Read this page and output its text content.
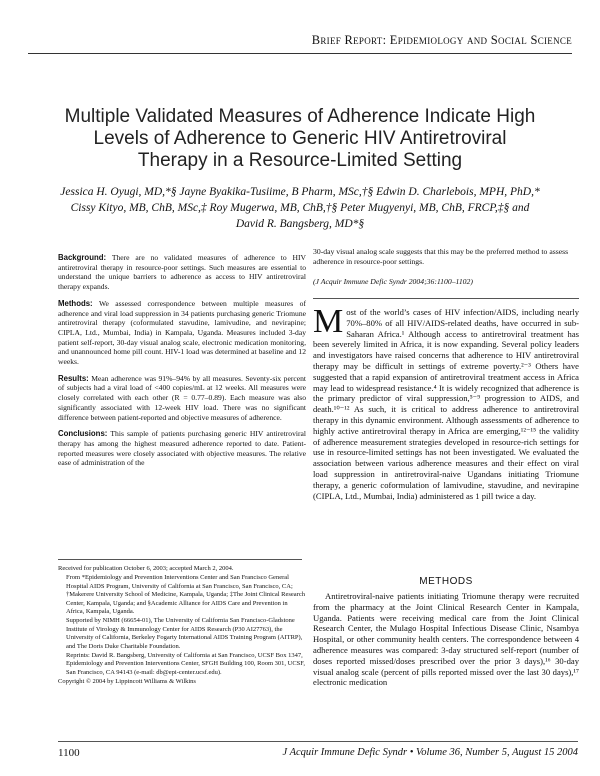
Brief Report: Epidemiology and Social Science
Multiple Validated Measures of Adherence Indicate High Levels of Adherence to Generic HIV Antiretroviral Therapy in a Resource-Limited Setting
Jessica H. Oyugi, MD,*§ Jayne Byakika-Tusiime, B Pharm, MSc,†§ Edwin D. Charlebois, MPH, PhD,*
Cissy Kityo, MB, ChB, MSc,‡ Roy Mugerwa, MB, ChB,†§ Peter Mugyenyi, MB, ChB, FRCP,‡§ and
David R. Bangsberg, MD*§

Background: There are no validated measures of adherence to HIV antiretroviral therapy in resource-poor settings. Such measures are essential to understand the unique barriers to adherence as access to HIV antiretroviral therapy expands.

Methods: We assessed correspondence between multiple measures of adherence and viral load suppression in 34 patients purchasing generic Triomune antiretroviral therapy (coformulated stavudine, lamivudine, and nevirapine; CIPLA, Ltd., Mumbai, India) in Kampala, Uganda. Measures included 3-day patient self-report, 30-day visual analog scale, electronic medication monitoring, and unannounced home pill count. HIV-1 load was determined at baseline and 12 weeks.

Results: Mean adherence was 91%–94% by all measures. Seventy-six percent of subjects had a viral load of <400 copies/mL at 12 weeks. All measures were closely correlated with each other (R = 0.77–0.89). Each measure was also significantly associated with 12-week HIV load. There was no significant difference between patient-reported and objective measures of adherence.

Conclusions: This sample of patients purchasing generic HIV antiretroviral therapy has among the highest measured adherence reported to date. Patient-reported measures were closely associated with objective measures. The relative ease of administration of the

Received for publication October 6, 2003; accepted March 2, 2004.
From *Epidemiology and Prevention Interventions Center and San Francisco General Hospital AIDS Program, University of California at San Francisco, San Francisco, CA; †Makerere University School of Medicine, Kampala, Uganda; ‡The Joint Clinical Research Center, Kampala, Uganda; and §Academic Alliance for AIDS Care and Prevention in Africa, Kampala, Uganda.
Supported by NIMH (66654-01), The University of California San Francisco-Gladstone Institute of Virology & Immunology Center for AIDS Research (P30 AI27763), the University of California, Berkeley Fogarty International AIDS Training Program (AITRP), and The Doris Duke Charitable Foundation.
Reprints: David R. Bangsberg, University of California at San Francisco, UCSF Box 1347, Epidemiology and Prevention Interventions Center, SFGH Building 100, Room 301, UCSF, San Francisco, CA 94143 (e-mail: db@epi-center.ucsf.edu).
Copyright © 2004 by Lippincott Williams & Wilkins
30-day visual analog scale suggests that this may be the preferred method to assess adherence in resource-poor settings.
(J Acquir Immune Defic Syndr 2004;36:1100–1102)
M ost of the world’s cases of HIV infection/AIDS, including nearly 70%–80% of all HIV/AIDS-related deaths, have occurred in sub-Saharan Africa.¹ Although access to antiretroviral treatment has been severely limited in Africa, it is now expanding. Several policy leaders and investigators have raised concerns that adherence to HIV antiretroviral therapy may be difficult in settings of extreme poverty.²⁻³ Others have suggested that a rapid expansion of antiretroviral treatment access in Africa may lead to widespread resistance.⁴ It is widely recognized that adherence is the primary predictor of viral suppression,⁵⁻⁹ progression to AIDS, and death.¹⁰⁻¹² As such, it is critical to address adherence to antiretroviral therapy in this dynamic environment. Although assessments of adherence to highly active antiretroviral therapy in Africa are emerging,¹²⁻¹⁵ the validity of adherence measurement strategies developed in resource-rich settings for use in resource-limited settings has not been investigated. We evaluated the association between various adherence measures and their effect on viral load suppression in antiretroviral-naive Ugandans initiating Triomune therapy, a generic coformulation of lamivudine, stavudine, and nevirapine (CIPLA, Ltd., Mumbai, India) administered as 1 pill twice a day.
METHODS
Antiretroviral-naive patients initiating Triomune therapy were recruited from the pharmacy at the Joint Clinical Research Center in Kampala, Uganda. Patients were receiving medical care from the Joint Clinical Research Center, the Mulago Hospital Infectious Disease Clinic, Nsambya Hospital, or other community health centers. The correspondence between 4 adherence measures was compared: 3-day structured self-report (number of doses reported missed/doses prescribed over the prior 3 days),¹⁶ 30-day visual analog scale (percent of pills reported missed over the last 30 days),¹⁷ electronic medication
1100	J Acquir Immune Defic Syndr • Volume 36, Number 5, August 15 2004
